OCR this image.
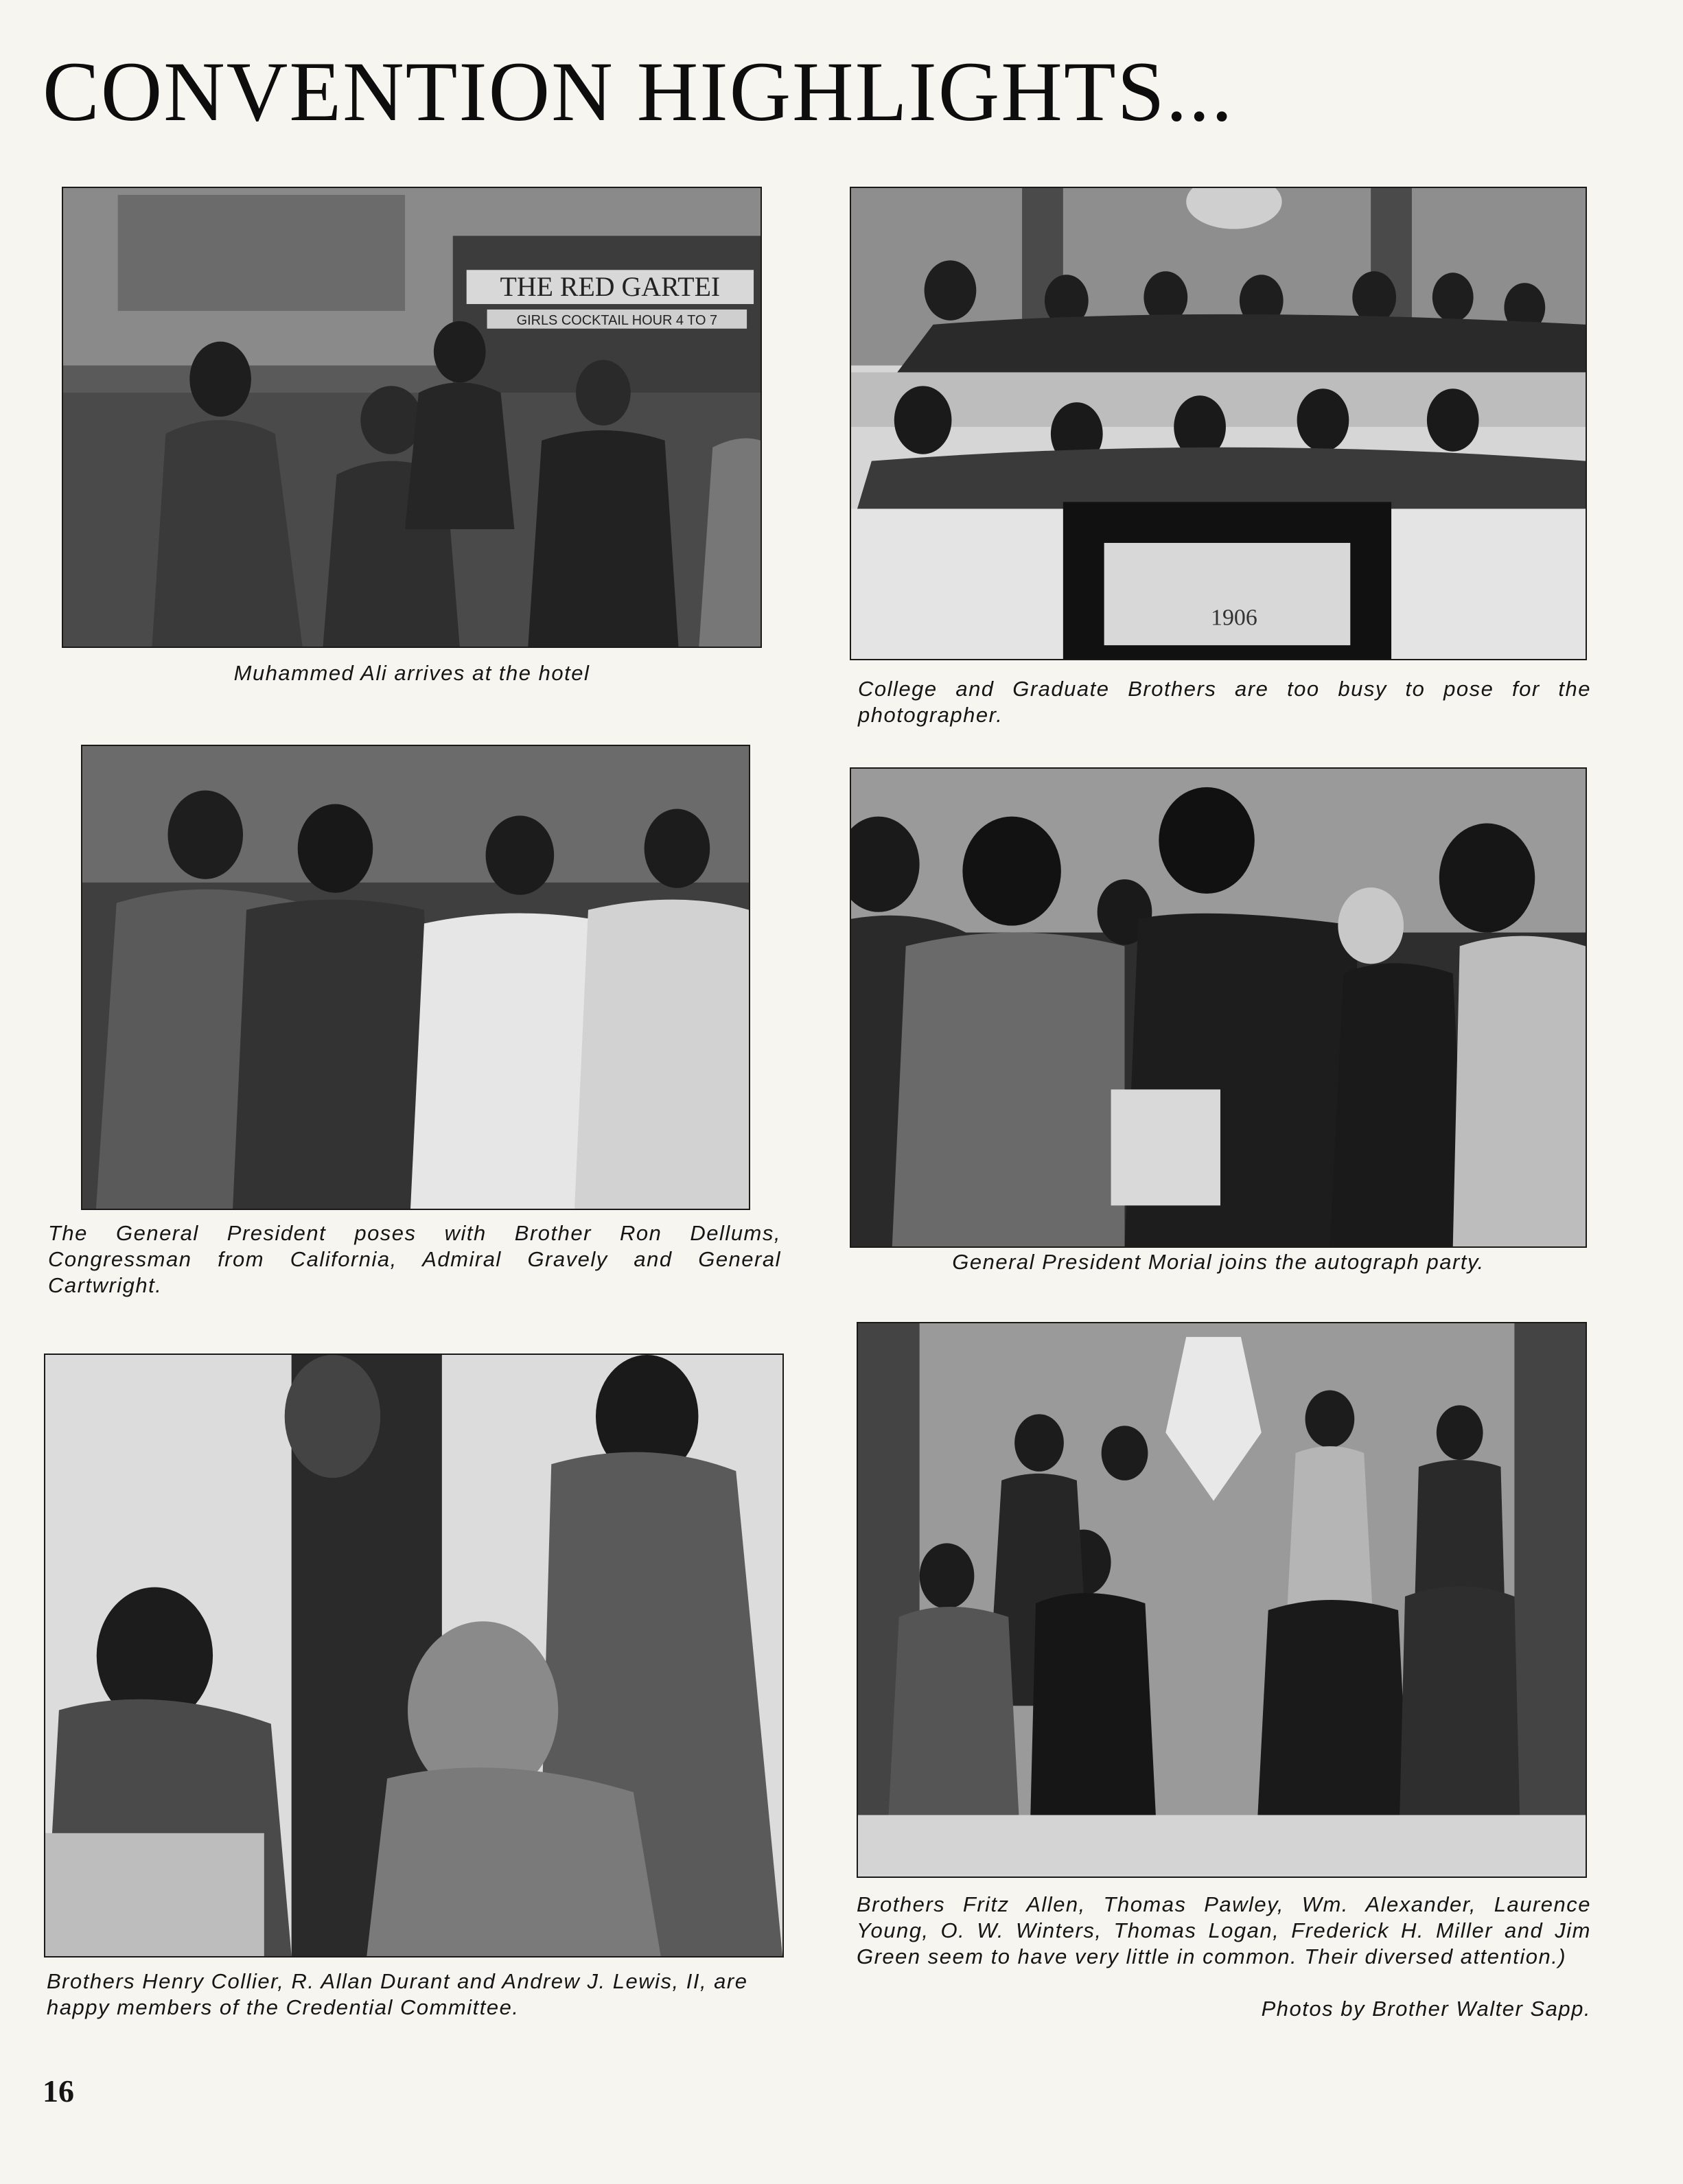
CONVENTION HIGHLIGHTS...
THE RED GARTEI
GIRLS COCKTAIL HOUR 4 TO 7

Muhammed Ali arrives at the hotel

1906

College and Graduate Brothers are too busy to pose for the photographer.

The General President poses with Brother Ron Dellums, Congressman from California, Admiral Gravely and General Cartwright.

General President Morial joins the autograph party.

Brothers Henry Collier, R. Allan Durant and Andrew J. Lewis, II, are happy members of the Credential Committee.

Brothers Fritz Allen, Thomas Pawley, Wm. Alexander, Laurence Young, O. W. Winters, Thomas Logan, Frederick H. Miller and Jim Green seem to have very little in common. Their diversed attention.)

Photos by Brother Walter Sapp.
16
